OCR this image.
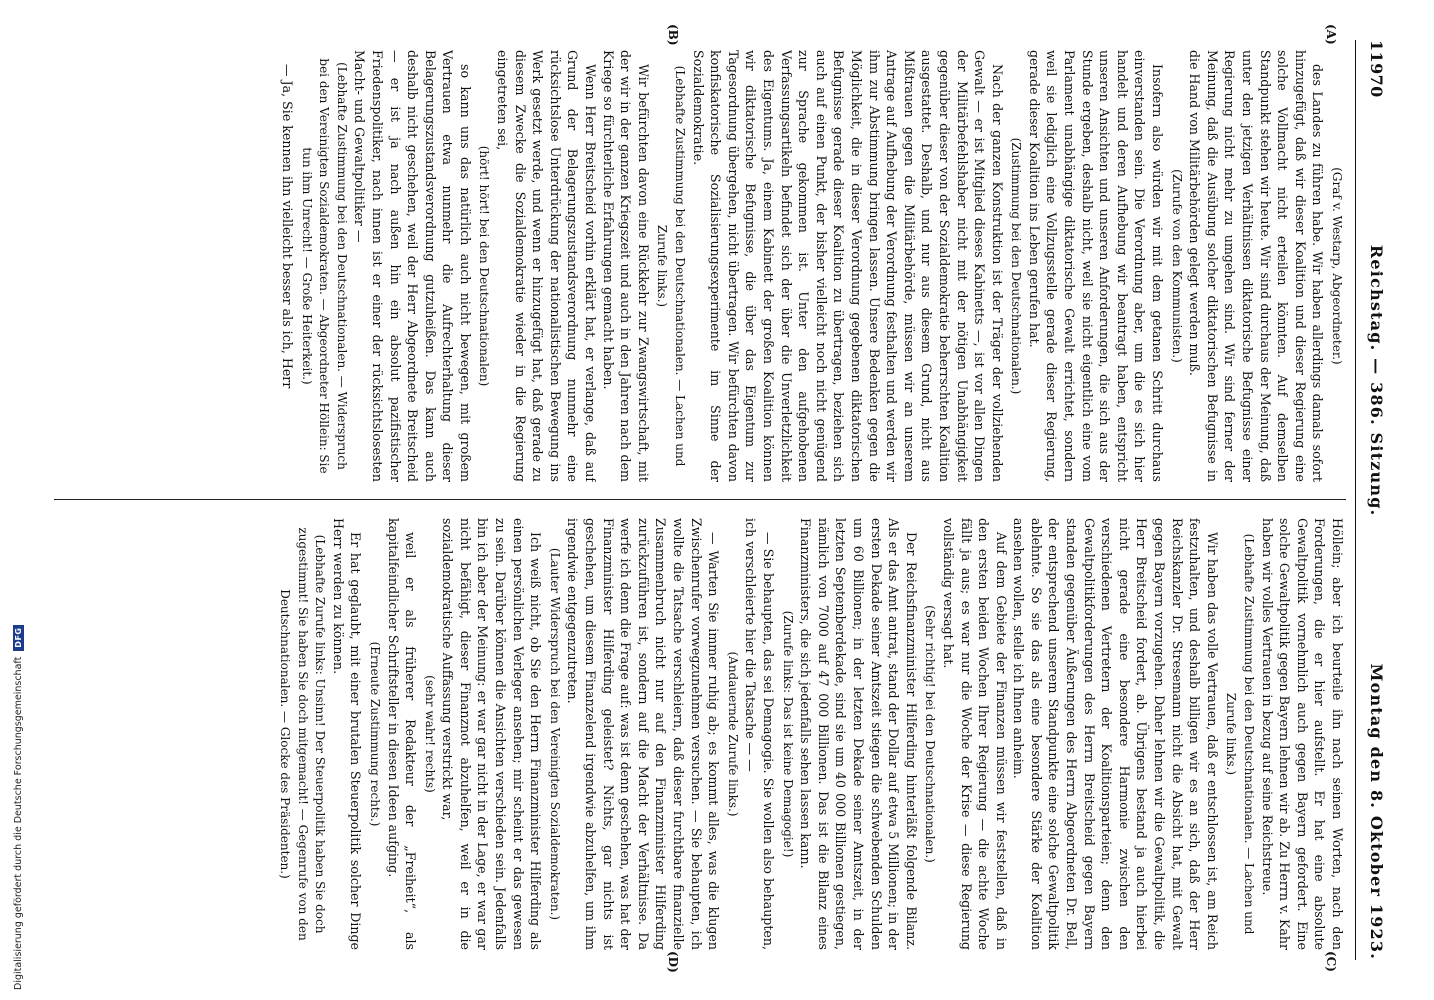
Digitalisierung gefördert durch die Deutsche Forschungsgemeinschaft
DFG
11970
Reichstag. — 386. Sitzung.
Montag den 8. Oktober 1923.
(A)
(B)
(C)
(D)

(Graf v. Westarp, Abgeordneter.)

des Landes zu führen habe. Wir haben allerdings damals sofort hinzugefügt, daß wir dieser Koalition und dieser Regierung eine solche Vollmacht nicht erteilen könnten. Auf demselben Standpunkt stehen wir heute. Wir sind durchaus der Meinung, daß unter den jetzigen Verhältnissen diktatorische Befugnisse einer Regierung nicht mehr zu umgehen sind. Wir sind ferner der Meinung, daß die Ausübung solcher diktatorischen Befugnisse in die Hand von Militärbehörden gelegt werden muß.

(Zurufe von den Kommunisten.)

Insofern also würden wir mit dem getanen Schritt durchaus einverstanden sein. Die Verordnung aber, um die es sich hier handelt und deren Aufhebung wir beantragt haben, entspricht unseren Ansichten und unseren Anforderungen, die sich aus der Stunde ergeben, deshalb nicht, weil sie nicht eigentlich eine vom Parlament unabhängige diktatorische Gewalt errichtet, sondern weil sie lediglich eine Vollzugsstelle gerade dieser Regierung, gerade dieser Koalition ins Leben gerufen hat.

(Zustimmung bei den Deutschnationalen.)

Nach der ganzen Konstruktion ist der Träger der vollziehenden Gewalt — er ist Mitglied dieses Kabinetts —, ist vor allen Dingen der Militärbefehlshaber nicht mit der nötigen Unabhängigkeit gegenüber dieser von der Sozialdemokratie beherrschten Koalition ausgestattet. Deshalb, und nur aus diesem Grund, nicht aus Mißtrauen gegen die Militärbehörde, müssen wir an unserem Antrage auf Aufhebung der Verordnung festhalten und werden wir ihm zur Abstimmung bringen lassen. Unsere Bedenken gegen die Möglichkeit, die in dieser Verordnung gegebenen diktatorischen Befugnisse gerade dieser Koalition zu übertragen, beziehen sich auch auf einen Punkt, der bisher vielleicht noch nicht genügend zur Sprache gekommen ist. Unter den aufgehobenen Verfassungsartikeln befindet sich der über die Unverletzlichkeit des Eigentums. Ja, einem Kabinett der großen Koalition können wir diktatorische Befugnisse, die über das Eigentum zur Tagesordnung übergehen, nicht übertragen. Wir befürchten davon konfiskatorische Sozialisierungsexperimente im Sinne der Sozialdemokratie.

(Lebhafte Zustimmung bei den Deutschnationalen. — Lachen und Zurufe links.)

Wir befürchten davon eine Rückkehr zur Zwangswirtschaft, mit der wir in der ganzen Kriegszeit und auch in den Jahren nach dem Kriege so fürchterliche Erfahrungen gemacht haben.

Wenn Herr Breitscheid vorhin erklärt hat, er verlange, daß auf Grund der Belagerungszustandsverordnung nunmehr eine rücksichtslose Unterdrückung der nationalistischen Bewegung ins Werk gesetzt werde, und wenn er hinzugefügt hat, daß gerade zu diesem Zwecke die Sozialdemokratie wieder in die Regierung eingetreten sei,

(hört! hört! bei den Deutschnationalen)

so kann uns das natürlich auch nicht bewegen, mit großem Vertrauen etwa nunmehr die Aufrechterhaltung dieser Belagerungszustandsverordnung gutzuheißen. Das kann auch deshalb nicht geschehen, weil der Herr Abgeordnete Breitscheid — er ist ja nach außen hin ein absolut pazifistischer Friedenspolitiker, nach innen ist er einer der rücksichtslosesten Macht- und Gewaltpolitiker —

(Lebhafte Zustimmung bei den Deutschnationalen. — Widerspruch bei den Vereinigten Sozialdemokraten. — Abgeordneter Höllein: Sie tun ihm Unrecht! — Große Heiterkeit.)

— Ja, Sie kennen ihn vielleicht besser als ich, Herr

Höllein; aber ich beurteile ihn nach seinen Worten, nach den Forderungen, die er hier aufstellt. Er hat eine absolute Gewaltpolitik vornehmlich auch gegen Bayern gefordert. Eine solche Gewaltpolitik gegen Bayern lehnen wir ab. Zu Herrn v. Kahr haben wir volles Vertrauen in bezug auf seine Reichstreue.

(Lebhafte Zustimmung bei den Deutschnationalen. — Lachen und Zurufe links.)

Wir haben das volle Vertrauen, daß er entschlossen ist, am Reich festzuhalten, und deshalb billigen wir es an sich, daß der Herr Reichskanzler Dr. Stresemann nicht die Absicht hat, mit Gewalt gegen Bayern vorzugehen. Daher lehnen wir die Gewaltpolitik, die Herr Breitscheid fordert, ab. Übrigens bestand ja auch hierbei nicht gerade eine besondere Harmonie zwischen den verschiedenen Vertretern der Koalitionsparteien; denn den Gewaltpolitikforderungen des Herrn Breitscheid gegen Bayern standen gegenüber Äußerungen des Herrn Abgeordneten Dr. Bell, der entsprechend unserem Standpunkte eine solche Gewaltpolitik ablehnte. So sie das als eine besondere Stärke der Koalition ansehen wollen, stelle ich Ihnen anheim.

Auf dem Gebiete der Finanzen müssen wir feststellen, daß in den ersten beiden Wochen Ihrer Regierung — die achte Woche fällt ja aus; es war nur die Woche der Krise — diese Regierung vollständig versagt hat.

(Sehr richtig! bei den Deutschnationalen.)

Der Reichsfinanzminister Hilferding hinterläßt folgende Bilanz. Als er das Amt antrat, stand der Dollar auf etwa 5 Millionen; in der ersten Dekade seiner Amtszeit stiegen die schwebenden Schulden um 60 Billionen; in der letzten Dekade seiner Amtszeit, in der letzten Septemberdekade, sind sie um 40 000 Billionen gestiegen, nämlich von 7000 auf 47 000 Billionen. Das ist die Bilanz eines Finanzministers, die sich jedenfalls sehen lassen kann.

(Zurufe links: Das ist keine Demagogie!)

— Sie behaupten, das sei Demagogie. Sie wollen also behaupten, ich verschleierte hier die Tatsache — —

(Andauernde Zurufe links.)

— Warten Sie immer ruhig ab; es kommt alles, was die klugen Zwischenrufer vorwegzunehmen versuchen. — Sie behaupten, ich wollte die Tatsache verschleiern, daß dieser furchtbare finanzielle Zusammenbruch nicht nur auf den Finanzminister Hilferding zurückzuführen ist, sondern auf die Macht der Verhältnisse. Da werfe ich denn die Frage auf: was ist denn geschehen, was hat der Finanzminister Hilferding geleistet? Nichts, gar nichts ist geschehen, um diesem Finanzelend irgendwie abzuhelfen, um ihm irgendwie entgegenzutreten.

(Lauter Widerspruch bei den Vereinigten Sozialdemokraten.)

Ich weiß nicht, ob Sie den Herrn Finanzminister Hilferding als einen persönlichen Verleger ansehen; mir scheint er das gewesen zu sein. Darüber können die Ansichten verschieden sein. Jedenfalls bin ich aber der Meinung: er war gar nicht in der Lage, er war gar nicht befähigt, dieser Finanznot abzuhelfen, weil er in die sozialdemokratische Auffassung verstrickt war,

(sehr wahr! rechts)

weil er als früherer Redakteur der „Freiheit“, als kapitalfeindlicher Schriftsteller in diesen Ideen aufging.

(Erneute Zustimmung rechts.)

Er hat geglaubt, mit einer brutalen Steuerpolitik solcher Dinge Herr werden zu können.

(Lebhafte Zurufe links: Unsinn! Der Steuerpolitik haben Sie doch zugestimmt! Sie haben Sie doch mitgemacht! — Gegenrufe von den Deutschnationalen. — Glocke des Präsidenten.)
